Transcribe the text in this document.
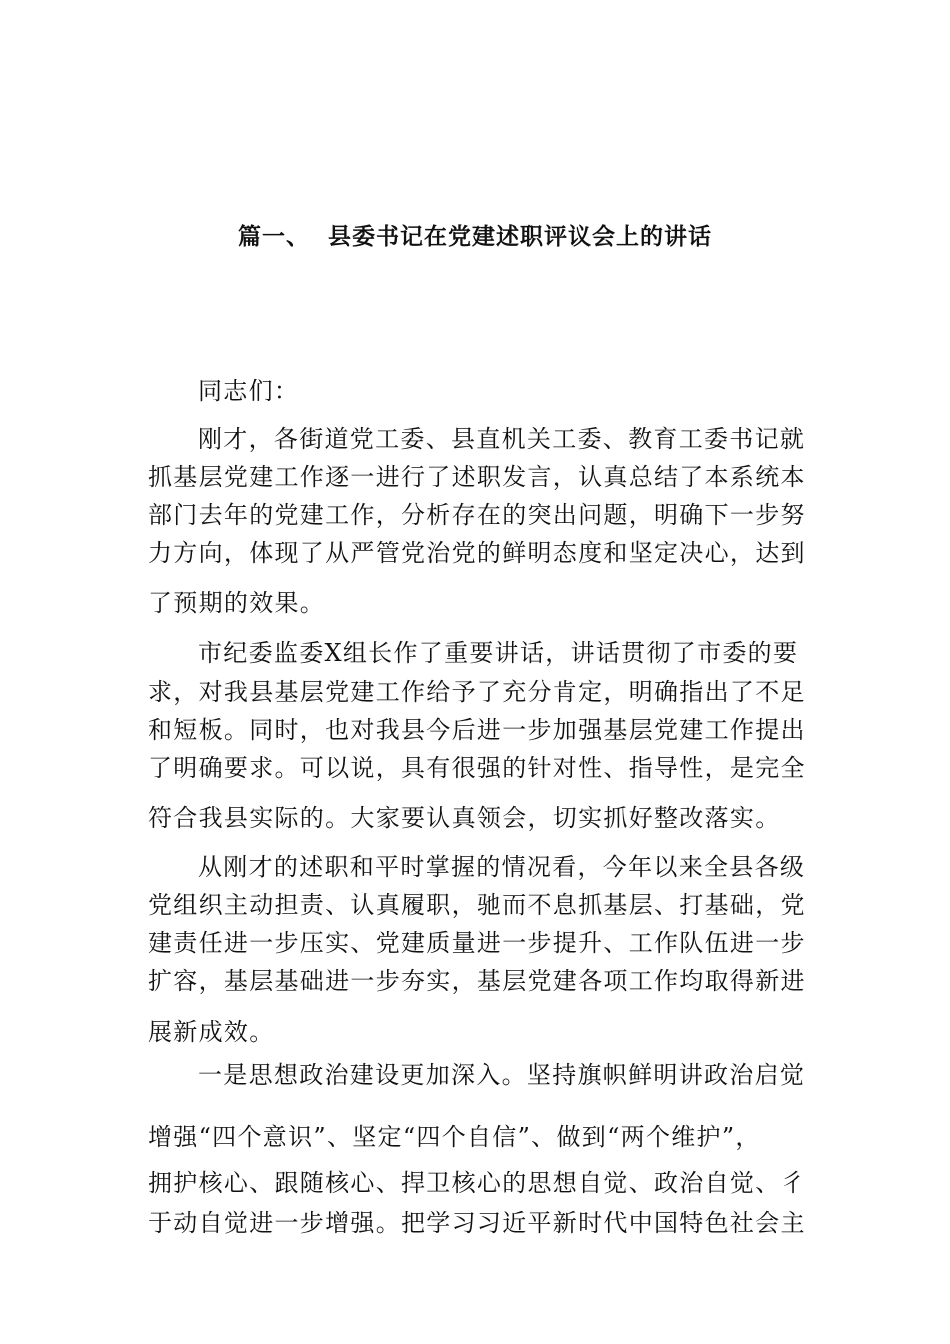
篇一、  县委书记在党建述职评议会上的讲话
同志们：
刚才，各街道党工委、县直机关工委、教育工委书记就
抓基层党建工作逐一进行了述职发言，认真总结了本系统本
部门去年的党建工作，分析存在的突出问题，明确下一步努
力方向，体现了从严管党治党的鲜明态度和坚定决心，达到
了预期的效果。
市纪委监委X组长作了重要讲话，讲话贯彻了市委的要
求，对我县基层党建工作给予了充分肯定，明确指出了不足
和短板。同时，也对我县今后进一步加强基层党建工作提出
了明确要求。可以说，具有很强的针对性、指导性，是完全
符合我县实际的。大家要认真领会，切实抓好整改落实。
从刚才的述职和平时掌握的情况看，今年以来全县各级
党组织主动担责、认真履职，驰而不息抓基层、打基础，党
建责任进一步压实、党建质量进一步提升、工作队伍进一步
扩容，基层基础进一步夯实，基层党建各项工作均取得新进
展新成效。
一是思想政治建设更加深入。坚持旗帜鲜明讲政治启觉
增强“四个意识”、坚定“四个自信”、做到“两个维护”，
拥护核心、跟随核心、捍卫核心的思想自觉、政治自觉、彳
于动自觉进一步增强。把学习习近平新时代中国特色社会主
